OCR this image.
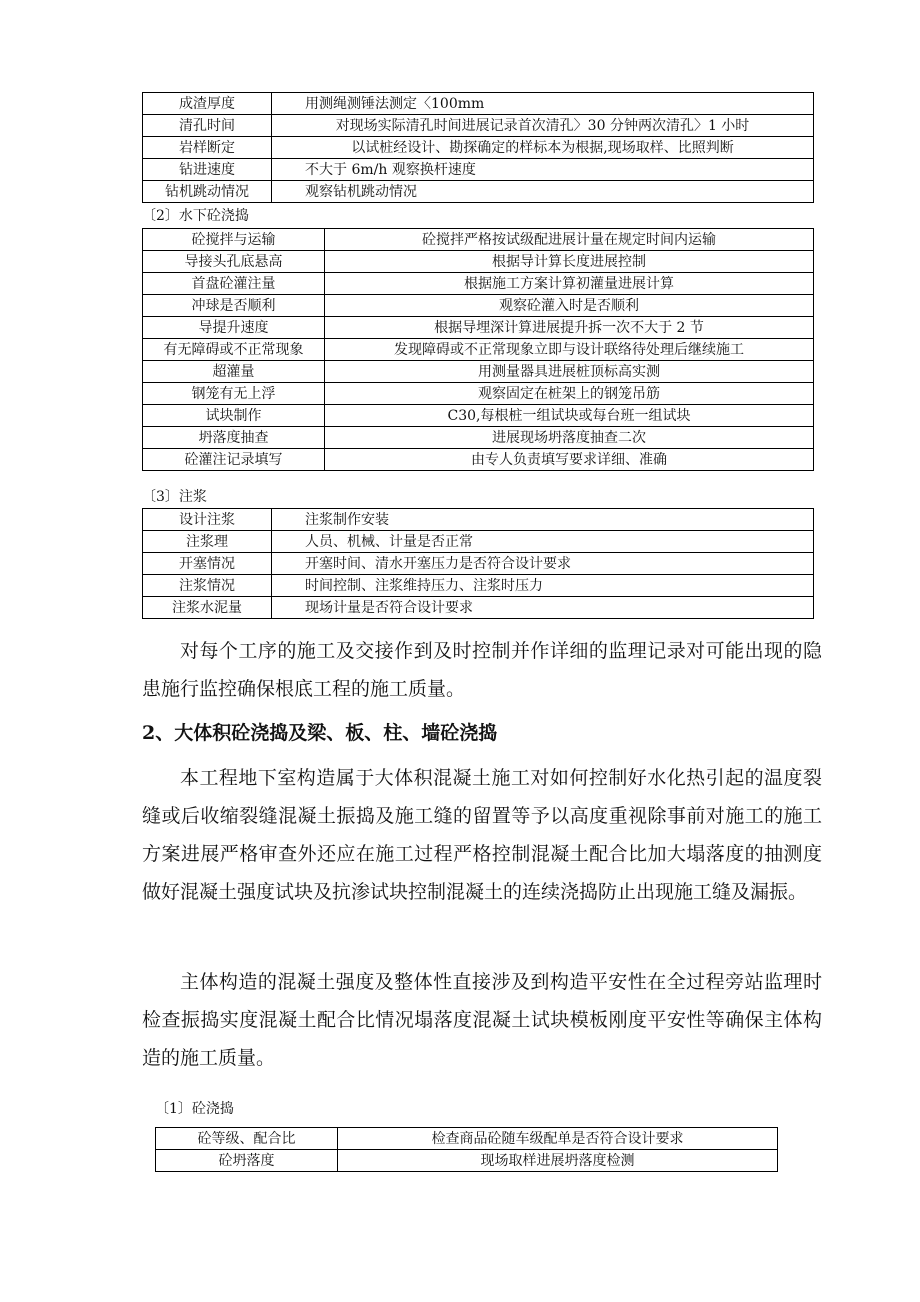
成渣厚度	用测绳测锤法测定〈100mm
清孔时间	对现场实际清孔时间进展记录首次清孔〉30 分钟两次清孔〉1 小时
岩样断定	以试桩经设计、勘探确定的样标本为根据,现场取样、比照判断
钻进速度	不大于 6m/h 观察换杆速度
钻机跳动情况	观察钻机跳动情况
〔2〕水下砼浇捣
砼搅拌与运输	砼搅拌严格按试级配进展计量在规定时间内运输
导接头孔底悬高	根据导计算长度进展控制
首盘砼灌注量	根据施工方案计算初灌量进展计算
冲球是否顺利	观察砼灌入时是否顺利
导提升速度	根据导埋深计算进展提升拆一次不大于 2 节
有无障碍或不正常现象	发现障碍或不正常现象立即与设计联络待处理后继续施工
超灌量	用测量器具进展桩顶标高实测
钢笼有无上浮	观察固定在桩架上的钢笼吊筋
试块制作	C30,每根桩一组试块或每台班一组试块
坍落度抽查	进展现场坍落度抽查二次
砼灌注记录填写	由专人负责填写要求详细、准确
〔3〕注浆
设计注浆	注浆制作安装
注浆理	人员、机械、计量是否正常
开塞情况	开塞时间、清水开塞压力是否符合设计要求
注浆情况	时间控制、注浆维持压力、注浆时压力
注浆水泥量	现场计量是否符合设计要求

对每个工序的施工及交接作到及时控制并作详细的监理记录对可能出现的隐患施行监控确保根底工程的施工质量。

2、大体积砼浇捣及梁、板、柱、墙砼浇捣

本工程地下室构造属于大体积混凝土施工对如何控制好水化热引起的温度裂缝或后收缩裂缝混凝土振捣及施工缝的留置等予以高度重视除事前对施工的施工方案进展严格审查外还应在施工过程严格控制混凝土配合比加大塌落度的抽测度做好混凝土强度试块及抗渗试块控制混凝土的连续浇捣防止出现施工缝及漏振。

主体构造的混凝土强度及整体性直接涉及到构造平安性在全过程旁站监理时检查振捣实度混凝土配合比情况塌落度混凝土试块模板刚度平安性等确保主体构造的施工质量。

〔1〕砼浇捣
砼等级、配合比	检查商品砼随车级配单是否符合设计要求
砼坍落度	现场取样进展坍落度检测
